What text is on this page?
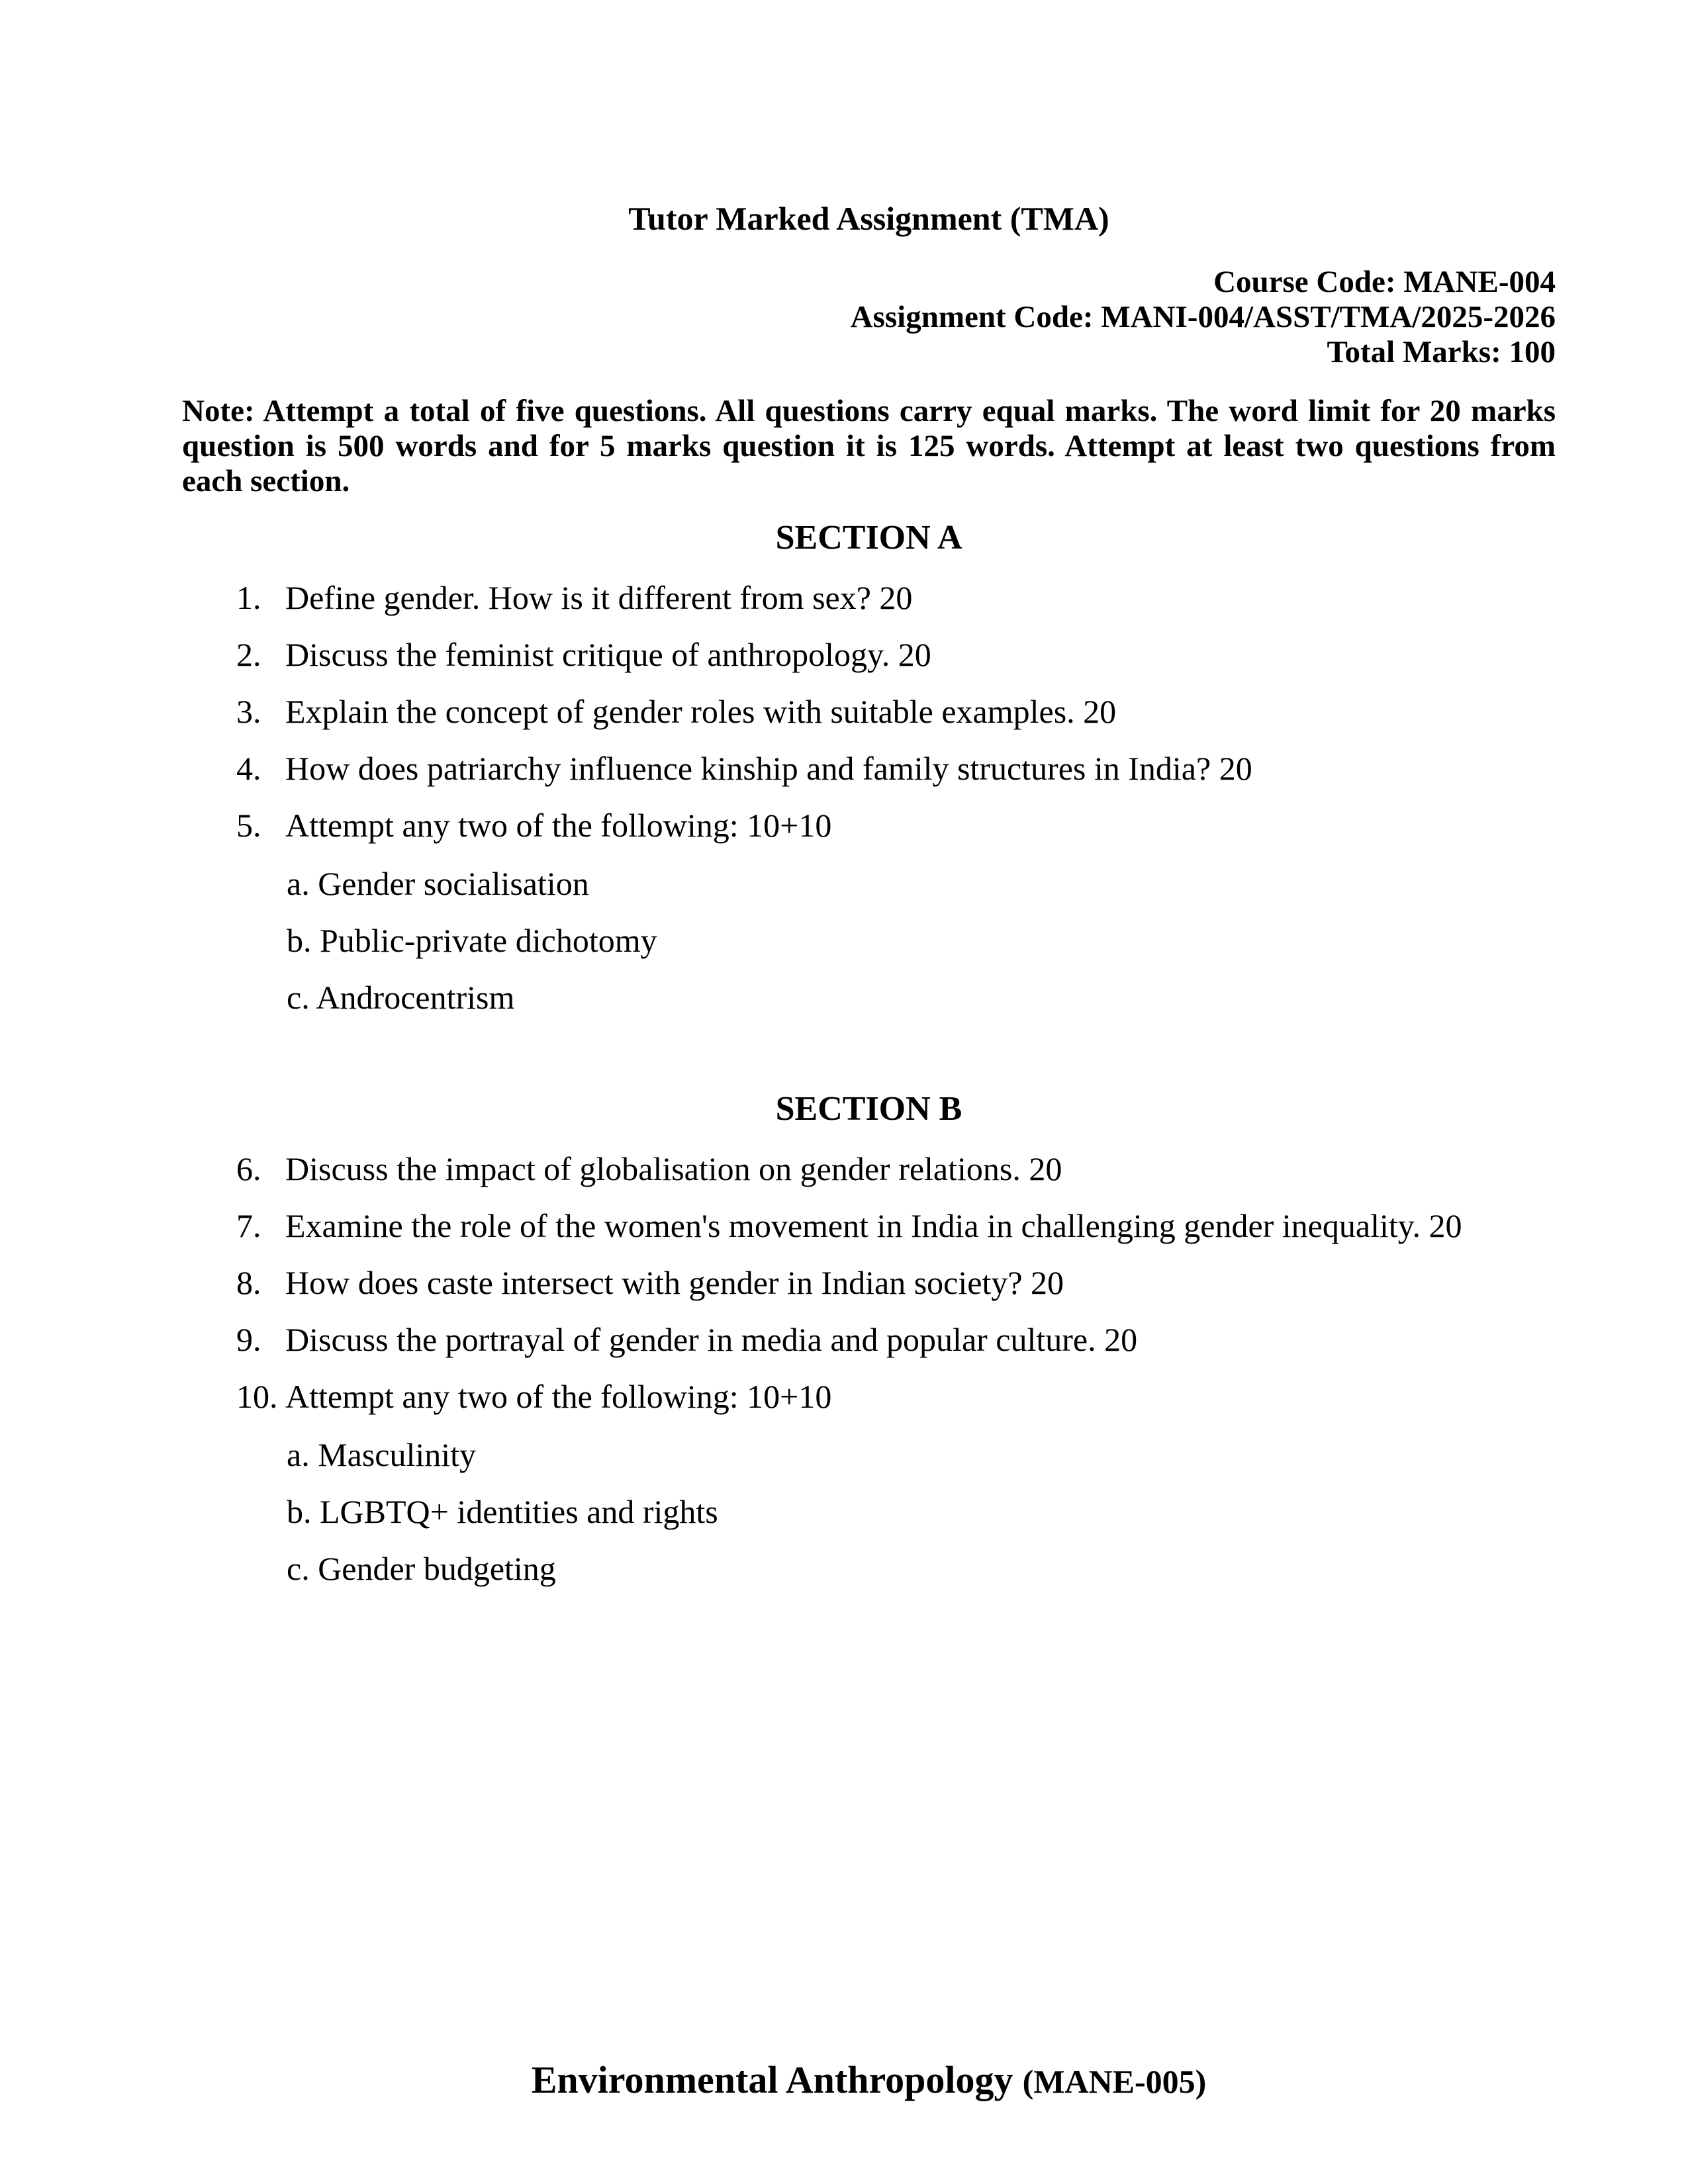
Tutor Marked Assignment (TMA)
Course Code: MANE-004
Assignment Code: MANI-004/ASST/TMA/2025-2026
Total Marks: 100

Note: Attempt a total of five questions. All questions carry equal marks. The word limit for 20 marks question is 500 words and for 5 marks question it is 125 words. Attempt at least two questions from each section.

SECTION A
1. Define gender. How is it different from sex? 20
2. Discuss the feminist critique of anthropology. 20
3. Explain the concept of gender roles with suitable examples. 20
4. How does patriarchy influence kinship and family structures in India? 20
5. Attempt any two of the following: 10+10
a. Gender socialisation
b. Public-private dichotomy
c. Androcentrism
SECTION B
6. Discuss the impact of globalisation on gender relations. 20
7. Examine the role of the women's movement in India in challenging gender inequality. 20
8. How does caste intersect with gender in Indian society? 20
9. Discuss the portrayal of gender in media and popular culture. 20
10. Attempt any two of the following: 10+10
a. Masculinity
b. LGBTQ+ identities and rights
c. Gender budgeting
Environmental Anthropology (MANE-005)
